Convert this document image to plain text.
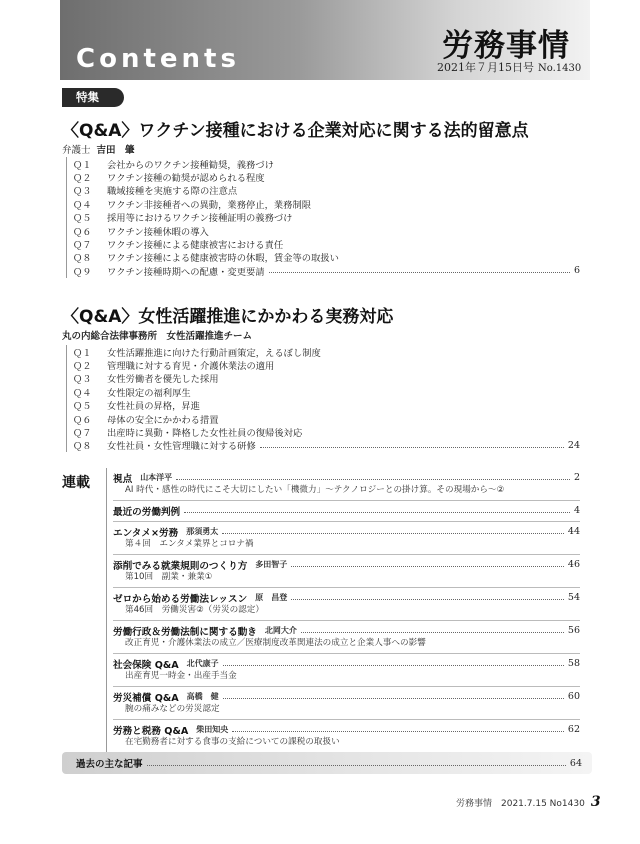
Contents	労務事情
2021年７月15日号 No.1430
特集
〈Q&A〉ワクチン接種における企業対応に関する法的留意点
弁護士 吉田　肇
Ｑ１	会社からのワクチン接種勧奨，義務づけ
Ｑ２	ワクチン接種の勧奨が認められる程度
Ｑ３	職域接種を実施する際の注意点
Ｑ４	ワクチン非接種者への異動，業務停止，業務制限
Ｑ５	採用等におけるワクチン接種証明の義務づけ
Ｑ６	ワクチン接種休暇の導入
Ｑ７	ワクチン接種による健康被害における責任
Ｑ８	ワクチン接種による健康被害時の休暇，賃金等の取扱い
Ｑ９	ワクチン接種時期への配慮・変更要請	6
〈Q&A〉女性活躍推進にかかわる実務対応
丸の内総合法律事務所　女性活躍推進チーム
Ｑ１	女性活躍推進に向けた行動計画策定，えるぼし制度
Ｑ２	管理職に対する育児・介護休業法の適用
Ｑ３	女性労働者を優先した採用
Ｑ４	女性限定の福利厚生
Ｑ５	女性社員の昇格，昇進
Ｑ６	母体の安全にかかわる措置
Ｑ７	出産時に異動・降格した女性社員の復帰後対応
Ｑ８	女性社員・女性管理職に対する研修	24
連載 視点 山本洋平	2
AI 時代・感性の時代にこそ大切にしたい「機微力」～テクノロジーとの掛け算。その現場から～②
最近の労働判例	4
エンタメ×労務 那須勇太	44
第４回　エンタメ業界とコロナ禍
添削でみる就業規則のつくり方 多田智子	46
第10回　副業・兼業①
ゼロから始める労働法レッスン 原　昌登	54
第46回　労働災害②（労災の認定）
労働行政＆労働法制に関する動き 北岡大介	56
改正育児・介護休業法の成立／医療制度改革関連法の成立と企業人事への影響
社会保険 Q&A 北代康子	58
出産育児一時金・出産手当金
労災補償 Q&A 高橋　健	60
腕の痛みなどの労災認定
労務と税務 Q&A 柴田知央	62
在宅勤務者に対する食事の支給についての課税の取扱い
過去の主な記事	64
労務事情　2021.7.15 No1430 3
